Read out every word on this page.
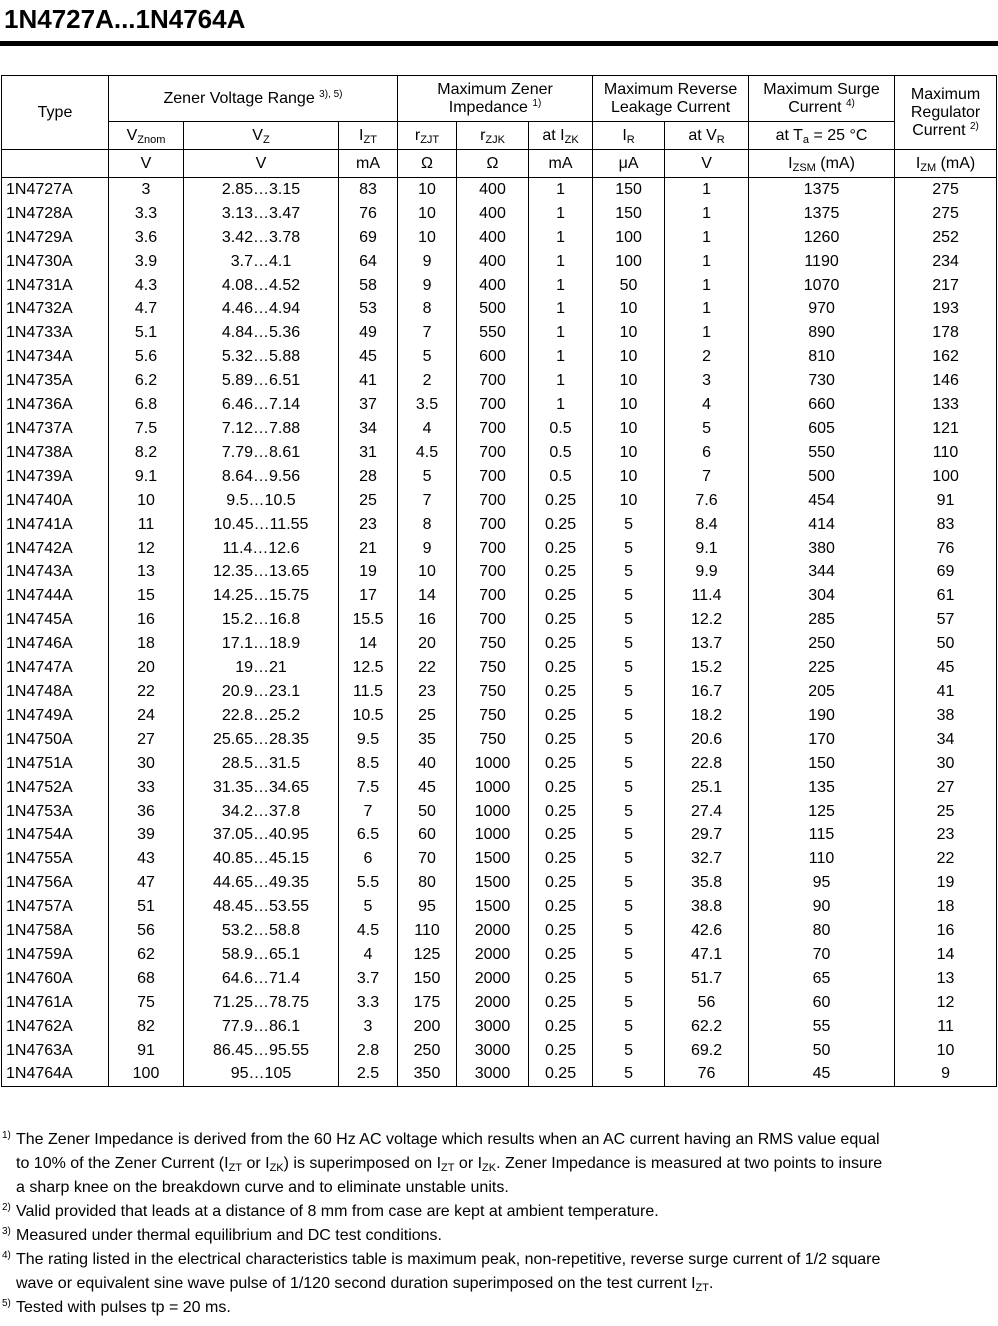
1N4727A...1N4764A
Type	Zener Voltage Range $^{3), 5)}$			Maximum Zener Impedance $^{1)}$			Maximum Reverse Leakage Current		Maximum Surge Current $^{4)}$	Maximum Regulator Current $^{2)}$
	$V_{Znom}$	$V_Z$	$I_{ZT}$	$r_{ZJT}$	$r_{ZJK}$	at $I_{ZK}$	$I_R$	at $V_R$	at $T_a = 25$ °C	
	V	V	mA	Ω	Ω	mA	μA	V	$I_{ZSM}$ (mA)	$I_{ZM}$ (mA)
1N4727A	3	2.85…3.15	83	10	400	1	150	1	1375	275
1N4728A	3.3	3.13…3.47	76	10	400	1	150	1	1375	275
1N4729A	3.6	3.42…3.78	69	10	400	1	100	1	1260	252
1N4730A	3.9	3.7…4.1	64	9	400	1	100	1	1190	234
1N4731A	4.3	4.08…4.52	58	9	400	1	50	1	1070	217
1N4732A	4.7	4.46…4.94	53	8	500	1	10	1	970	193
1N4733A	5.1	4.84…5.36	49	7	550	1	10	1	890	178
1N4734A	5.6	5.32…5.88	45	5	600	1	10	2	810	162
1N4735A	6.2	5.89…6.51	41	2	700	1	10	3	730	146
1N4736A	6.8	6.46…7.14	37	3.5	700	1	10	4	660	133
1N4737A	7.5	7.12…7.88	34	4	700	0.5	10	5	605	121
1N4738A	8.2	7.79…8.61	31	4.5	700	0.5	10	6	550	110
1N4739A	9.1	8.64…9.56	28	5	700	0.5	10	7	500	100
1N4740A	10	9.5…10.5	25	7	700	0.25	10	7.6	454	91
1N4741A	11	10.45…11.55	23	8	700	0.25	5	8.4	414	83
1N4742A	12	11.4…12.6	21	9	700	0.25	5	9.1	380	76
1N4743A	13	12.35…13.65	19	10	700	0.25	5	9.9	344	69
1N4744A	15	14.25…15.75	17	14	700	0.25	5	11.4	304	61
1N4745A	16	15.2…16.8	15.5	16	700	0.25	5	12.2	285	57
1N4746A	18	17.1…18.9	14	20	750	0.25	5	13.7	250	50
1N4747A	20	19…21	12.5	22	750	0.25	5	15.2	225	45
1N4748A	22	20.9…23.1	11.5	23	750	0.25	5	16.7	205	41
1N4749A	24	22.8…25.2	10.5	25	750	0.25	5	18.2	190	38
1N4750A	27	25.65…28.35	9.5	35	750	0.25	5	20.6	170	34
1N4751A	30	28.5…31.5	8.5	40	1000	0.25	5	22.8	150	30
1N4752A	33	31.35…34.65	7.5	45	1000	0.25	5	25.1	135	27
1N4753A	36	34.2…37.8	7	50	1000	0.25	5	27.4	125	25
1N4754A	39	37.05…40.95	6.5	60	1000	0.25	5	29.7	115	23
1N4755A	43	40.85…45.15	6	70	1500	0.25	5	32.7	110	22
1N4756A	47	44.65…49.35	5.5	80	1500	0.25	5	35.8	95	19
1N4757A	51	48.45…53.55	5	95	1500	0.25	5	38.8	90	18
1N4758A	56	53.2…58.8	4.5	110	2000	0.25	5	42.6	80	16
1N4759A	62	58.9…65.1	4	125	2000	0.25	5	47.1	70	14
1N4760A	68	64.6…71.4	3.7	150	2000	0.25	5	51.7	65	13
1N4761A	75	71.25…78.75	3.3	175	2000	0.25	5	56	60	12
1N4762A	82	77.9…86.1	3	200	3000	0.25	5	62.2	55	11
1N4763A	91	86.45…95.55	2.8	250	3000	0.25	5	69.2	50	10
1N4764A	100	95…105	2.5	350	3000	0.25	5	76	45	9
1) The Zener Impedance is derived from the 60 Hz AC voltage which results when an AC current having an RMS value equal
to 10% of the Zener Current ($I_{ZT}$ or $I_{ZK}$) is superimposed on $I_{ZT}$ or $I_{ZK}$. Zener Impedance is measured at two points to insure
a sharp knee on the breakdown curve and to eliminate unstable units.
2) Valid provided that leads at a distance of 8 mm from case are kept at ambient temperature.
3) Measured under thermal equilibrium and DC test conditions.
4) The rating listed in the electrical characteristics table is maximum peak, non-repetitive, reverse surge current of 1/2 square
wave or equivalent sine wave pulse of 1/120 second duration superimposed on the test current $I_{ZT}$.
5) Tested with pulses tp = 20 ms.
